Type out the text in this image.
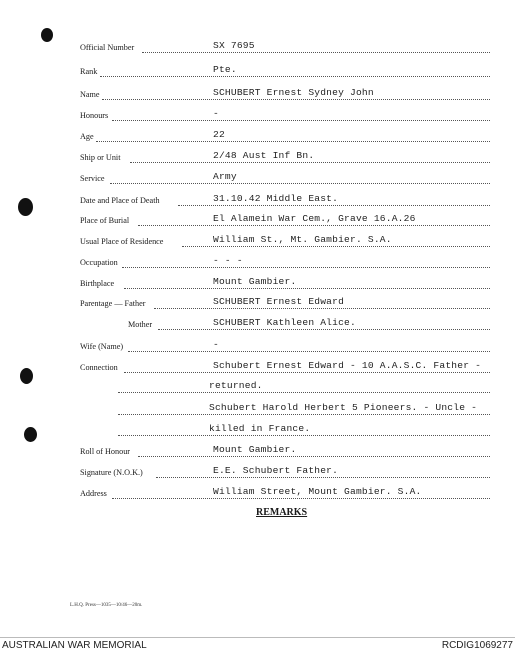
Official Number	SX 7695
Rank	Pte.
Name	SCHUBERT Ernest Sydney John
Honours	-
Age	22
Ship or Unit	2/48 Aust Inf Bn.
Service	Army
Date and Place of Death	31.10.42 Middle East.
Place of Burial	El Alamein War Cem., Grave 16.A.26
Usual Place of Residence	William St., Mt. Gambier. S.A.
Occupation	- - -
Birthplace	Mount Gambier.
Parentage — Father	SCHUBERT Ernest Edward
Mother	SCHUBERT Kathleen Alice.
Wife (Name)	-
Connection	Schubert Ernest Edward - 10 A.A.S.C. Father -
returned.
Schubert Harold Herbert 5 Pioneers. - Uncle -
killed in France.
Roll of Honour	Mount Gambier.
Signature (N.O.K.)	E.E. Schubert Father.
Address	William Street, Mount Gambier. S.A.
REMARKS
L.H.Q. Press—1035—10/46—20m.
AUSTRALIAN WAR MEMORIAL	RCDIG1069277
